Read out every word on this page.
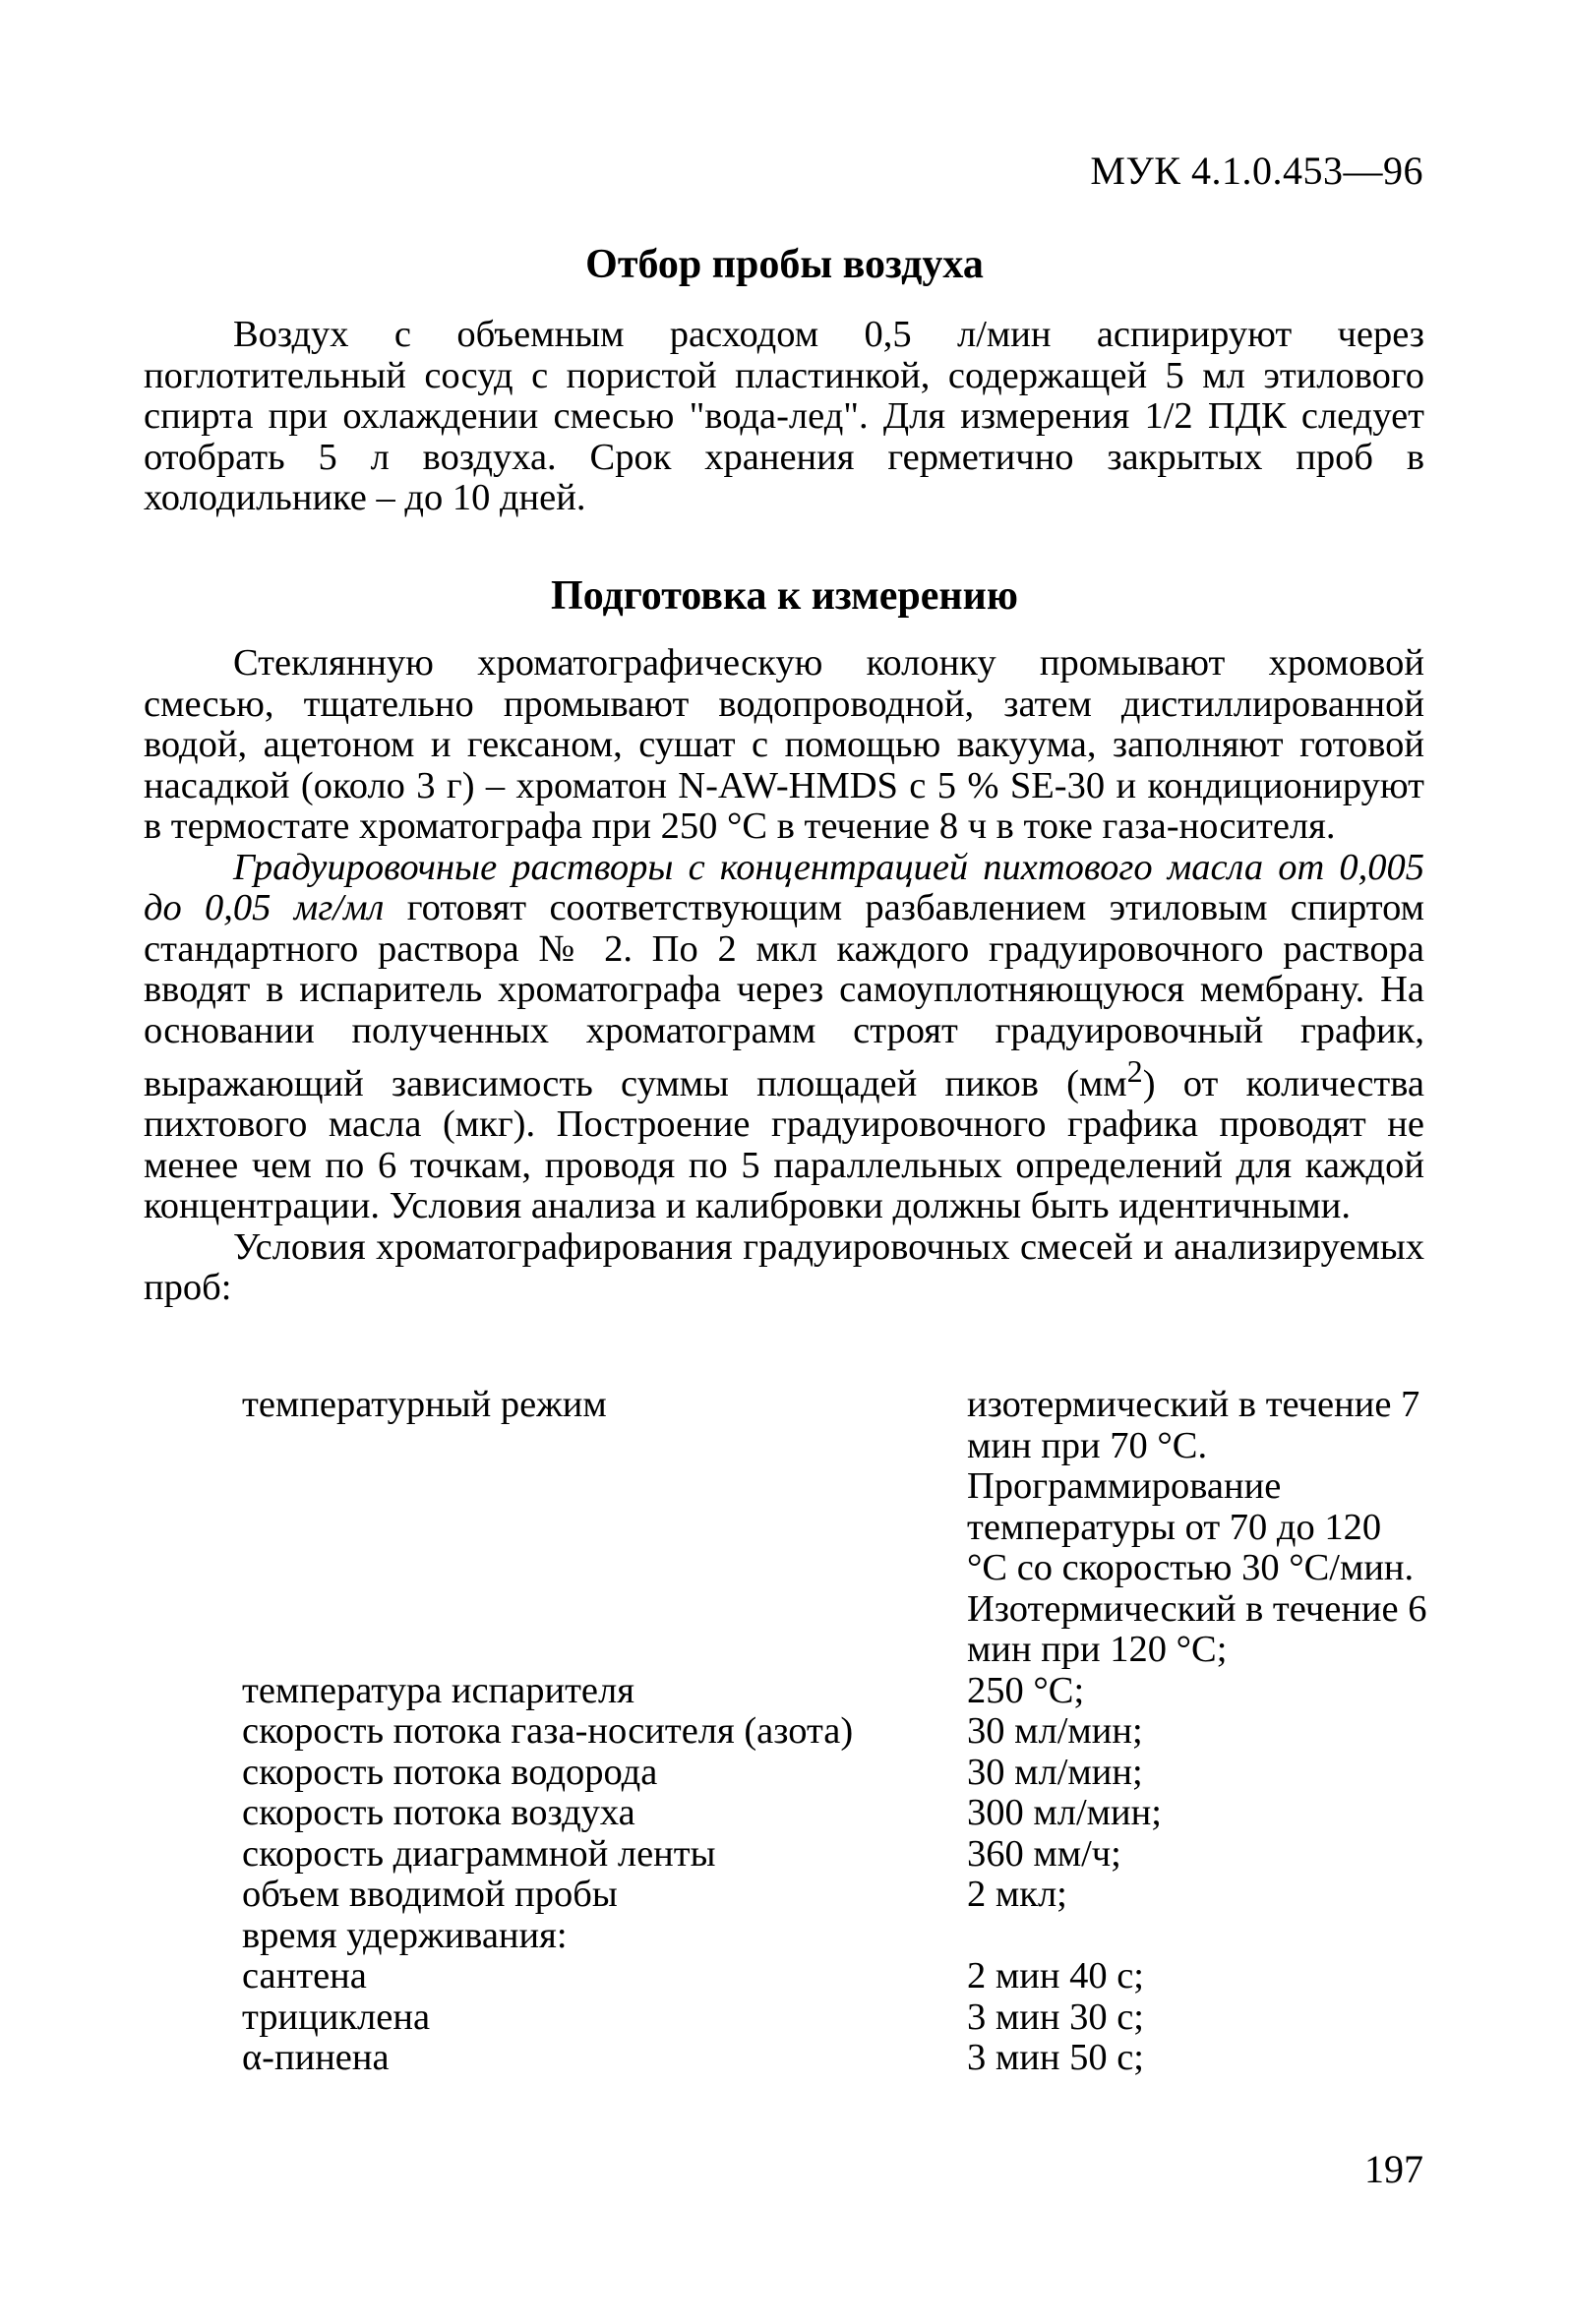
МУК 4.1.0.453—96
Отбор пробы воздуха

Воздух с объемным расходом 0,5 л/мин аспирируют через поглотительный сосуд с пористой пластинкой, содержащей 5 мл этилового спирта при охлаждении смесью "вода-лед". Для измерения 1/2 ПДК следует отобрать 5 л воздуха. Срок хранения герметично закрытых проб в холодильнике – до 10 дней.

Подготовка к измерению

Стеклянную хроматографическую колонку промывают хромовой смесью, тщательно промывают водопроводной, затем дистиллированной водой, ацетоном и гексаном, сушат с помощью вакуума, заполняют готовой насадкой (около 3 г) – хроматон N-AW-HMDS с 5 % SE-30 и кондиционируют в термостате хроматографа при 250 °С в течение 8 ч в токе газа-носителя.

Градуировочные растворы с концентрацией пихтового масла от 0,005 до 0,05 мг/мл готовят соответствующим разбавлением этиловым спиртом стандартного раствора № 2. По 2 мкл каждого градуировочного раствора вводят в испаритель хроматографа через самоуплотняющуюся мембрану. На основании полученных хроматограмм строят градуировочный график, выражающий зависимость суммы площадей пиков $(мм^2)$ от количества пихтового масла (мкг). Построение градуировочного графика проводят не менее чем по 6 точкам, проводя по 5 параллельных определений для каждой концентрации. Условия анализа и калибровки должны быть идентичными.

Условия хроматографирования градуировочных смесей и анализируемых проб:

температурный режим	изотермический в течение 7 мин при 70 °С. Программирование температуры от 70 до 120 °С со скоростью 30 °С/мин. Изотермический в течение 6 мин при 120 °С;
температура испарителя	250 °С;
скорость потока газа-носителя (азота)	30 мл/мин;
скорость потока водорода	30 мл/мин;
скорость потока воздуха	300 мл/мин;
скорость диаграммной ленты	360 мм/ч;
объем вводимой пробы	2 мкл;
время удерживания:
сантена	2 мин 40 с;
трициклена	3 мин 30 с;
α-пинена	3 мин 50 с;
197
